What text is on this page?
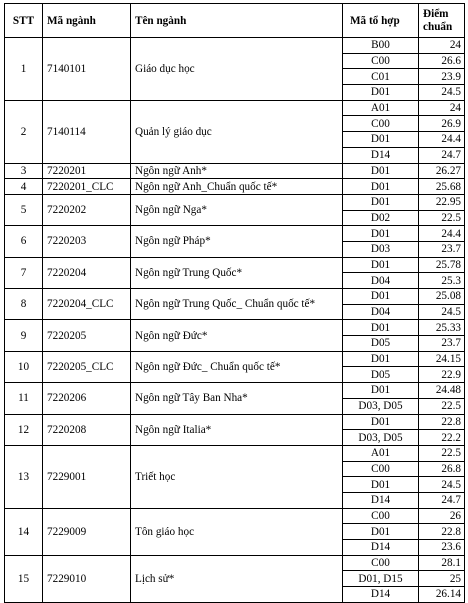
STT	Mã ngành	Tên ngành	Mã tổ hợp	Điểm
chuẩn
1	7140101	Giáo dục học	B00	24
			C00	26.6
			C01	23.9
			D01	24.5
2	7140114	Quản lý giáo dục	A01	24
			C00	26.9
			D01	24.4
			D14	24.7
3	7220201	Ngôn ngữ Anh*	D01	26.27
4	7220201_CLC	Ngôn ngữ Anh_Chuẩn quốc tế*	D01	25.68
5	7220202	Ngôn ngữ Nga*	D01	22.95
			D02	22.5
6	7220203	Ngôn ngữ Pháp*	D01	24.4
			D03	23.7
7	7220204	Ngôn ngữ Trung Quốc*	D01	25.78
			D04	25.3
8	7220204_CLC	Ngôn ngữ Trung Quốc_ Chuẩn quốc tế*	D01	25.08
			D04	24.5
9	7220205	Ngôn ngữ Đức*	D01	25.33
			D05	23.7
10	7220205_CLC	Ngôn ngữ Đức_ Chuẩn quốc tế*	D01	24.15
			D05	22.9
11	7220206	Ngôn ngữ Tây Ban Nha*	D01	24.48
			D03, D05	22.5
12	7220208	Ngôn ngữ Italia*	D01	22.8
			D03, D05	22.2
13	7229001	Triết học	A01	22.5
			C00	26.8
			D01	24.5
			D14	24.7
14	7229009	Tôn giáo học	C00	26
			D01	22.8
			D14	23.6
15	7229010	Lịch sử*	C00	28.1
			D01, D15	25
			D14	26.14
